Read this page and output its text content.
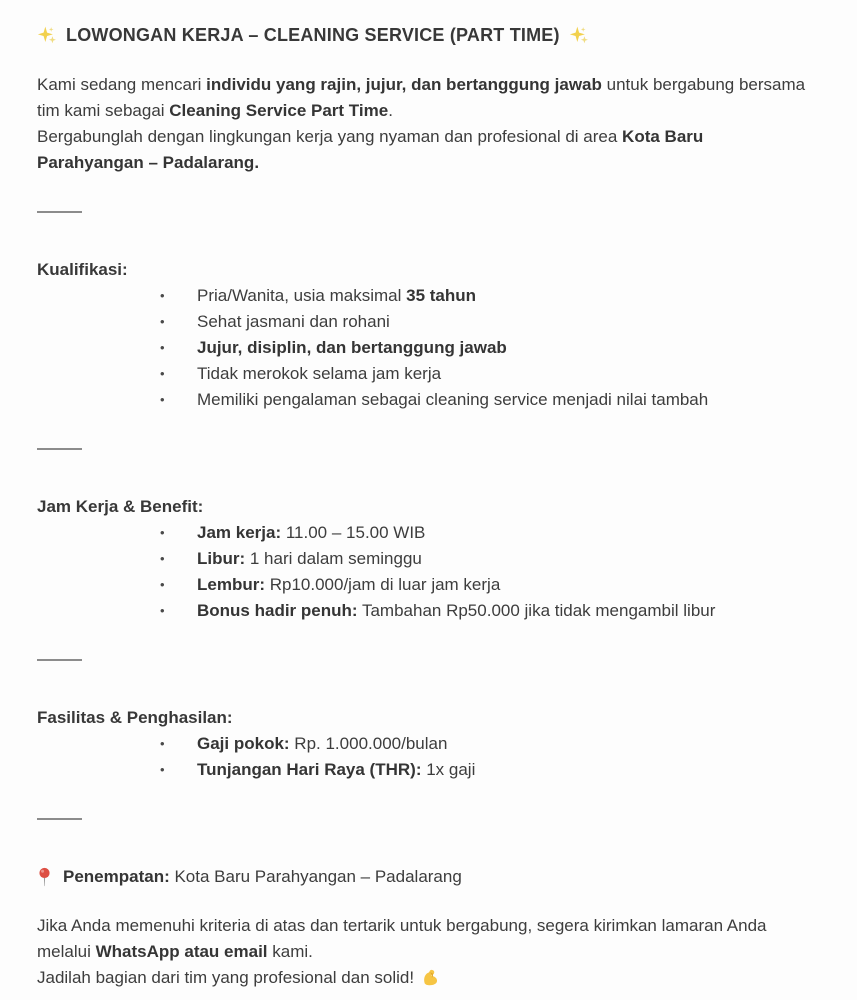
LOWONGAN KERJA – CLEANING SERVICE (PART TIME)

Kami sedang mencari individu yang rajin, jujur, dan bertanggung jawab untuk bergabung bersama tim kami sebagai Cleaning Service Part Time.

Bergabunglah dengan lingkungan kerja yang nyaman dan profesional di area Kota Baru Parahyangan – Padalarang.

Kualifikasi:
•	Pria/Wanita, usia maksimal 35 tahun
•	Sehat jasmani dan rohani
•	Jujur, disiplin, dan bertanggung jawab
•	Tidak merokok selama jam kerja
•	Memiliki pengalaman sebagai cleaning service menjadi nilai tambah
Jam Kerja & Benefit:
•	Jam kerja: 11.00 – 15.00 WIB
•	Libur: 1 hari dalam seminggu
•	Lembur: Rp10.000/jam di luar jam kerja
•	Bonus hadir penuh: Tambahan Rp50.000 jika tidak mengambil libur
Fasilitas & Penghasilan:
•	Gaji pokok: Rp. 1.000.000/bulan
•	Tunjangan Hari Raya (THR): 1x gaji
Penempatan: Kota Baru Parahyangan – Padalarang

Jika Anda memenuhi kriteria di atas dan tertarik untuk bergabung, segera kirimkan lamaran Anda melalui WhatsApp atau email kami.

Jadilah bagian dari tim yang profesional dan solid!
